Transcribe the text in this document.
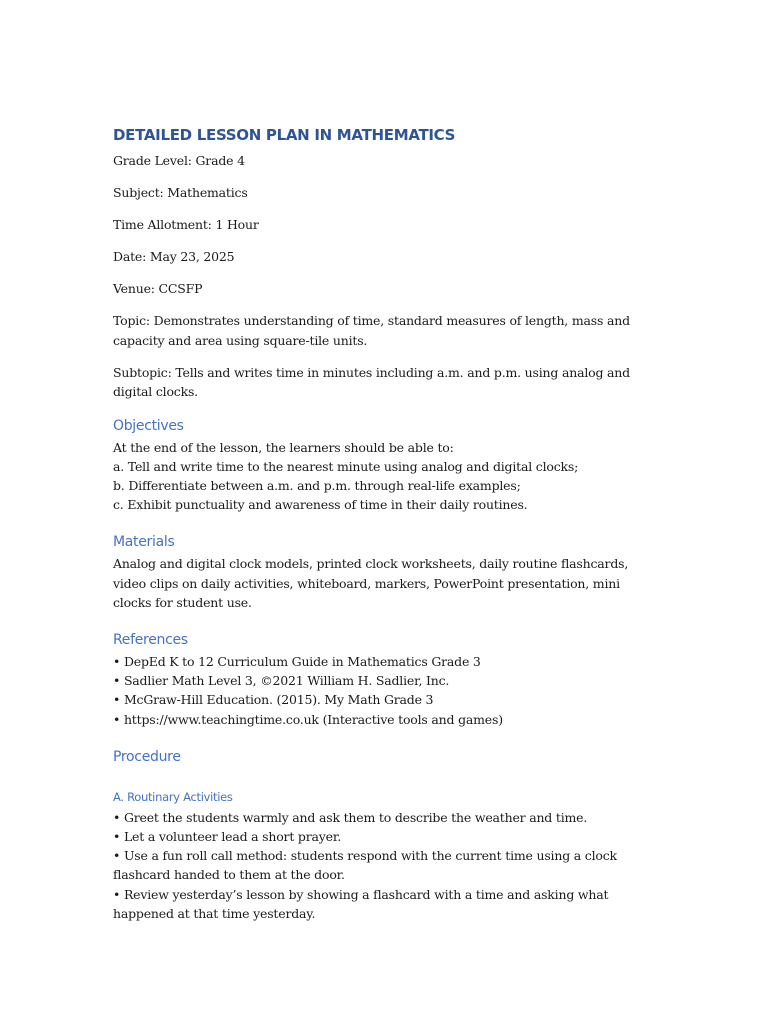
DETAILED LESSON PLAN IN MATHEMATICS

Grade Level: Grade 4

Subject: Mathematics

Time Allotment: 1 Hour

Date: May 23, 2025

Venue: CCSFP

Topic: Demonstrates understanding of time, standard measures of length, mass and capacity and area using square-tile units.

Subtopic: Tells and writes time in minutes including a.m. and p.m. using analog and digital clocks.

Objectives
At the end of the lesson, the learners should be able to:
a. Tell and write time to the nearest minute using analog and digital clocks;
b. Differentiate between a.m. and p.m. through real-life examples;
c. Exhibit punctuality and awareness of time in their daily routines.
Materials
Analog and digital clock models, printed clock worksheets, daily routine flashcards, video clips on daily activities, whiteboard, markers, PowerPoint presentation, mini clocks for student use.
References
• DepEd K to 12 Curriculum Guide in Mathematics Grade 3
• Sadlier Math Level 3, ©2021 William H. Sadlier, Inc.
• McGraw-Hill Education. (2015). My Math Grade 3
• https://www.teachingtime.co.uk (Interactive tools and games)
Procedure
A. Routinary Activities
• Greet the students warmly and ask them to describe the weather and time.
• Let a volunteer lead a short prayer.
• Use a fun roll call method: students respond with the current time using a clock flashcard handed to them at the door.
• Review yesterday’s lesson by showing a flashcard with a time and asking what happened at that time yesterday.
